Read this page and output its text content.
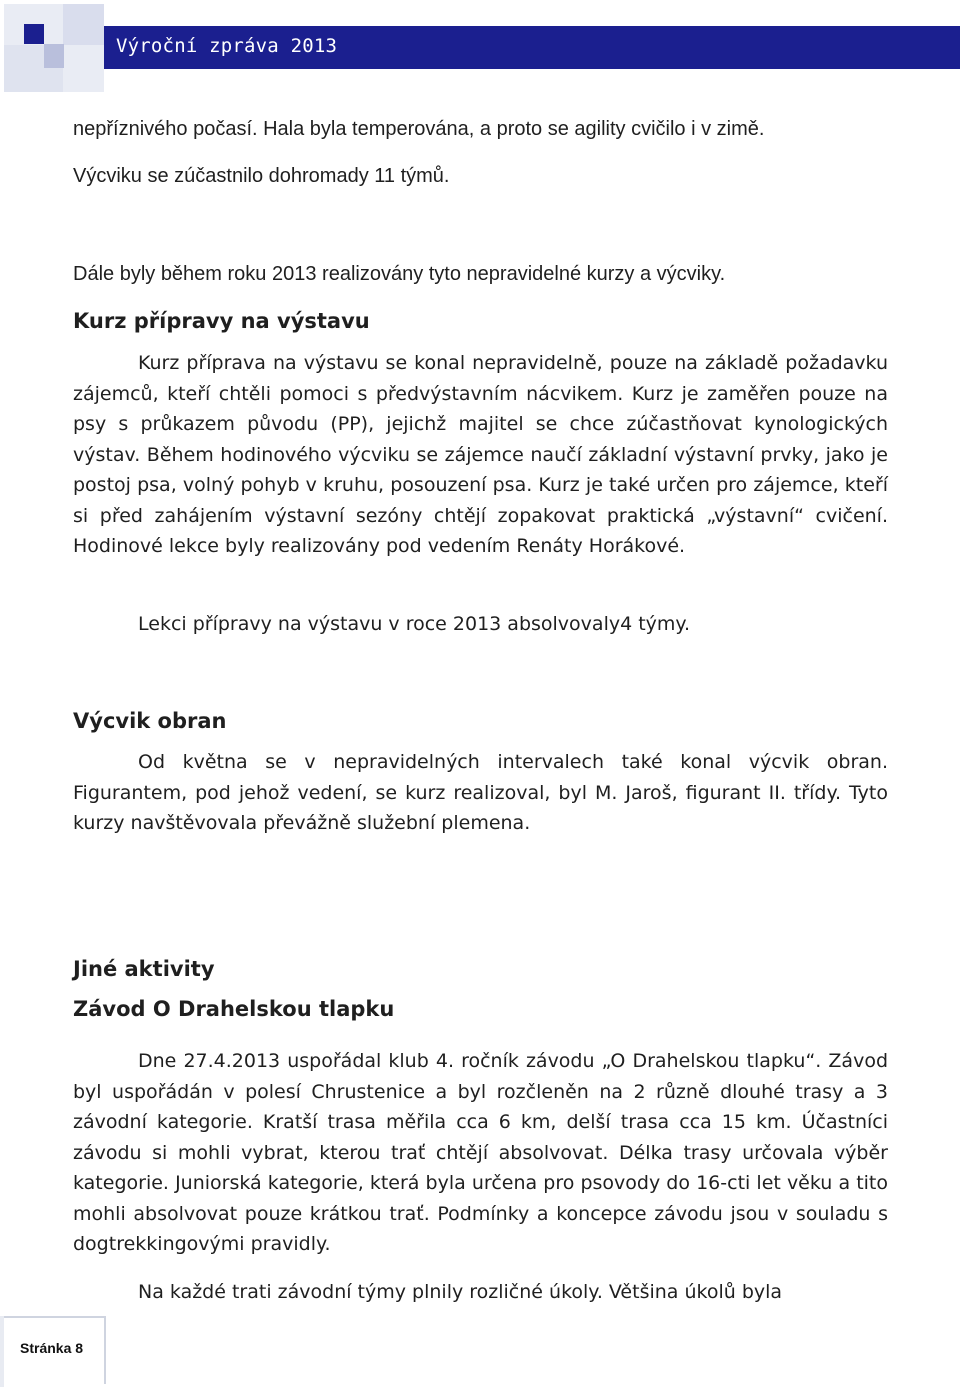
Výroční zpráva 2013

nepříznivého počasí. Hala byla temperována, a proto se agility cvičilo i v zimě.

Výcviku se zúčastnilo dohromady 11 týmů.

Dále byly během roku 2013 realizovány tyto nepravidelné kurzy a výcviky.

Kurz přípravy na výstavu

Kurz příprava na výstavu se konal nepravidelně, pouze na základě požadavku zájemců, kteří chtěli pomoci s předvýstavním nácvikem. Kurz je zaměřen pouze na psy s průkazem původu (PP), jejichž majitel se chce zúčastňovat kynologických výstav. Během hodinového výcviku se zájemce naučí základní výstavní prvky, jako je postoj psa, volný pohyb v kruhu, posouzení psa. Kurz je také určen pro zájemce, kteří si před zahájením výstavní sezóny chtějí zopakovat praktická „výstavní“ cvičení. Hodinové lekce byly realizovány pod vedením Renáty Horákové.

Lekci přípravy na výstavu v roce 2013 absolvovaly4 týmy.

Výcvik obran

Od května se v nepravidelných intervalech také konal výcvik obran. Figurantem, pod jehož vedení, se kurz realizoval, byl M. Jaroš, figurant II. třídy. Tyto kurzy navštěvovala převážně služební plemena.

Jiné aktivity
Závod O Drahelskou tlapku

Dne 27.4.2013 uspořádal klub 4. ročník závodu „O Drahelskou tlapku“. Závod byl uspořádán v polesí Chrustenice a byl rozčleněn na 2 různě dlouhé trasy a 3 závodní kategorie. Kratší trasa měřila cca 6 km, delší trasa cca 15 km. Účastníci závodu si mohli vybrat, kterou trať chtějí absolvovat. Délka trasy určovala výběr kategorie. Juniorská kategorie, která byla určena pro psovody do 16-cti let věku a tito mohli absolvovat pouze krátkou trať. Podmínky a koncepce závodu jsou v souladu s dogtrekkingovými pravidly.

Na každé trati závodní týmy plnily rozličné úkoly. Většina úkolů byla

Stránka 8
